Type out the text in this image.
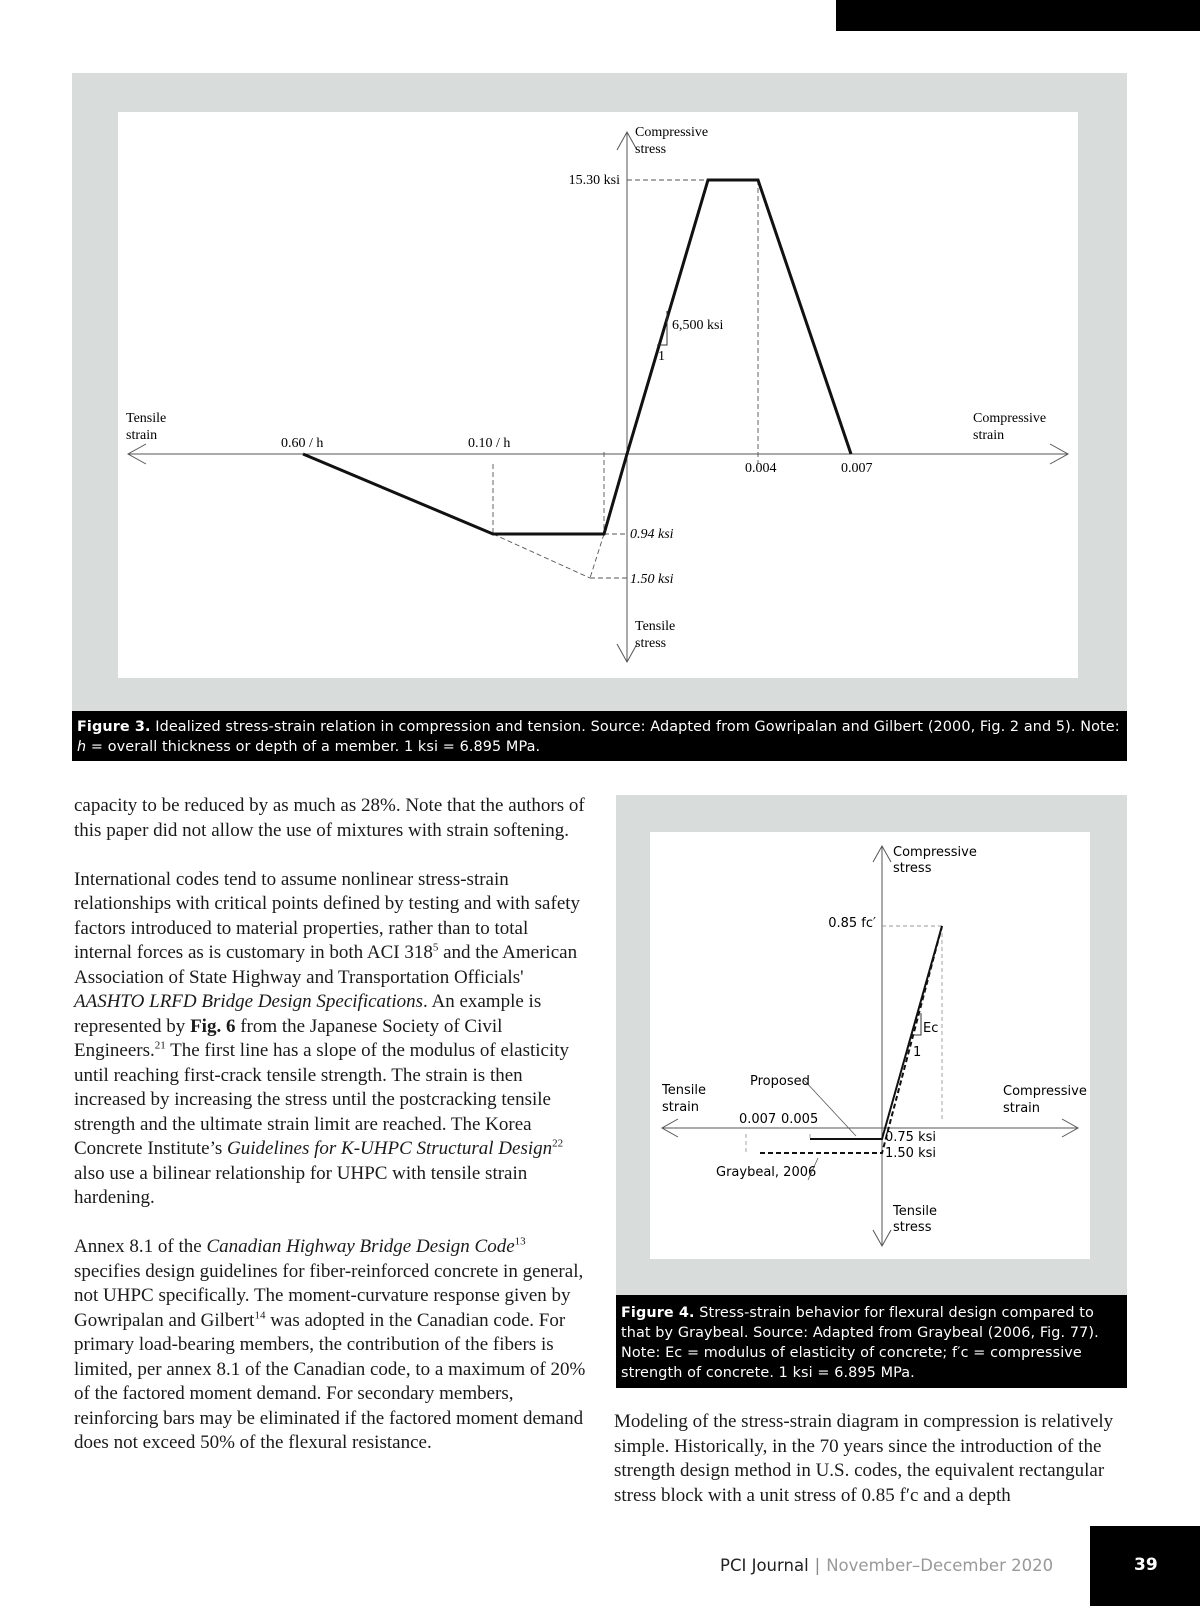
Compressive
stress
15.30 ksi
6,500 ksi
1
Tensile
strain
Compressive
strain
0.60 / h	0.10 / h
0.004	0.007
0.94 ksi
1.50 ksi
Tensile
stress
Figure 3. Idealized stress-strain relation in compression and tension. Source: Adapted from Gowripalan and Gilbert (2000, Fig. 2 and 5). Note: h = overall thickness or depth of a member. 1 ksi = 6.895 MPa.

capacity to be reduced by as much as 28%. Note that the authors of this paper did not allow the use of mixtures with strain softening.

International codes tend to assume nonlinear stress-strain relationships with critical points defined by testing and with safety factors introduced to material properties, rather than to total internal forces as is customary in both ACI $318^5$ and the American Association of State Highway and Transportation Officials' AASHTO LRFD Bridge Design Specifications. An example is represented by Fig. 6 from the Japanese Society of Civil Engineers.$^{21}$ The first line has a slope of the modulus of elasticity until reaching first-crack tensile strength. The strain is then increased by increasing the stress until the postcracking tensile strength and the ultimate strain limit are reached. The Korea Concrete Institute’s Guidelines for K-UHPC Structural Design$^{22}$ also use a bilinear relationship for UHPC with tensile strain hardening.

Annex 8.1 of the Canadian Highway Bridge Design Code$^{13}$ specifies design guidelines for fiber-reinforced concrete in general, not UHPC specifically. The moment-curvature response given by Gowripalan and Gilbert$^{14}$ was adopted in the Canadian code. For primary load-bearing members, the contribution of the fibers is limited, per annex 8.1 of the Canadian code, to a maximum of 20% of the factored moment demand. For secondary members, reinforcing bars may be eliminated if the factored moment demand does not exceed 50% of the flexural resistance.

Compressive
stress
0.85 fc′
Ec
1
Proposed
Tensile
strain
Compressive
strain
0.007 0.005
0.75 ksi
1.50 ksi
Graybeal, 2006
Tensile
stress
Figure 4. Stress-strain behavior for flexural design compared to that by Graybeal. Source: Adapted from Graybeal (2006, Fig. 77). Note: Ec = modulus of elasticity of concrete; f′c = compressive strength of concrete. 1 ksi = 6.895 MPa.

Modeling of the stress-strain diagram in compression is relatively simple. Historically, in the 70 years since the introduction of the strength design method in U.S. codes, the equivalent rectangular stress block with a unit stress of 0.85 f′c and a depth

PCI Journal | November–December 2020	39
